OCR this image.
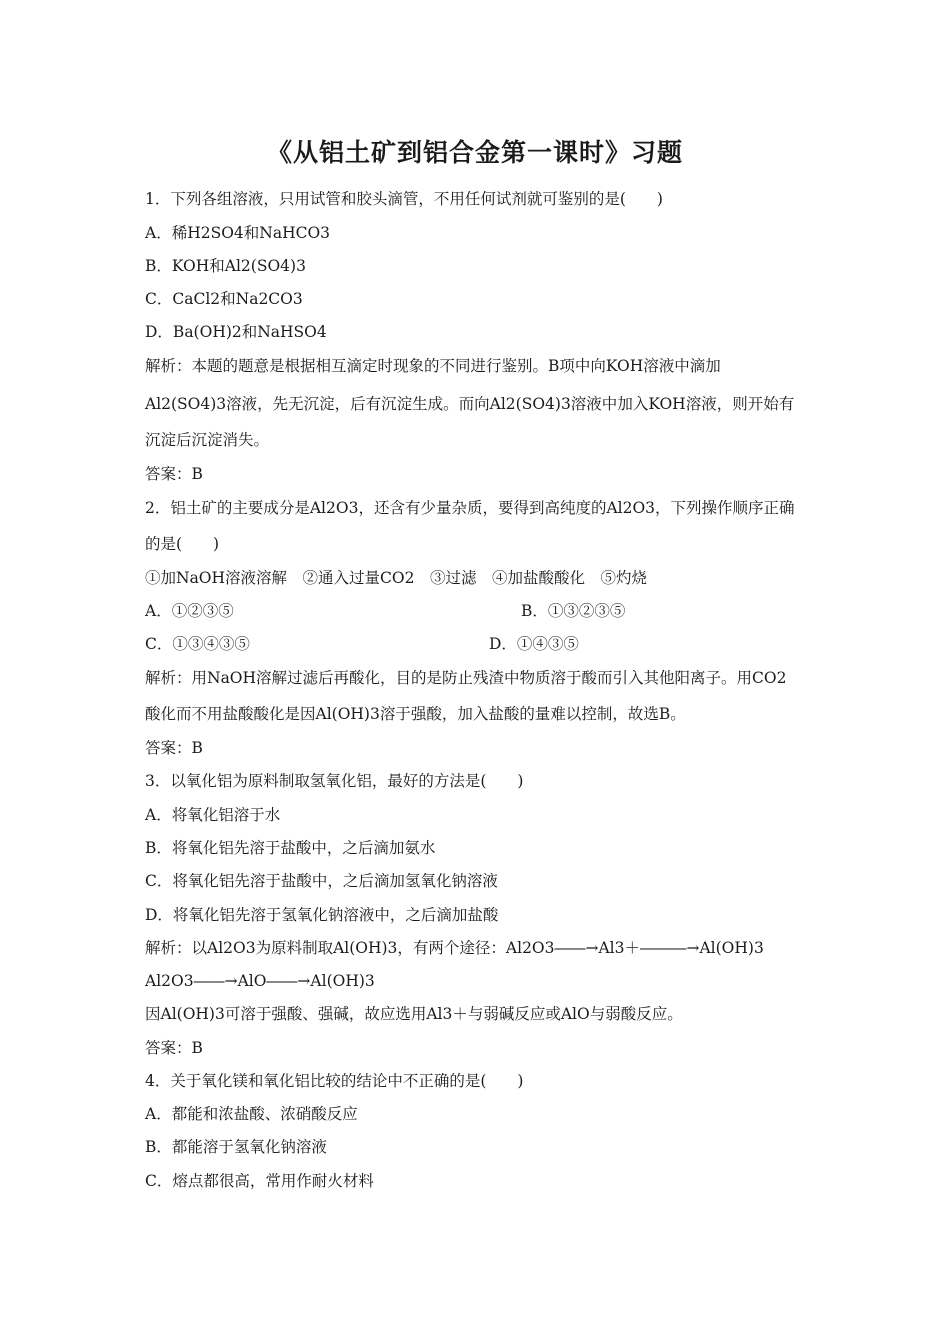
《从铝土矿到铝合金第一课时》习题
1．下列各组溶液，只用试管和胶头滴管，不用任何试剂就可鉴别的是(　　)
A．稀H2SO4和NaHCO3
B．KOH和Al2(SO4)3
C．CaCl2和Na2CO3
D．Ba(OH)2和NaHSO4
解析：本题的题意是根据相互滴定时现象的不同进行鉴别。B项中向KOH溶液中滴加
Al2(SO4)3溶液，先无沉淀，后有沉淀生成。而向Al2(SO4)3溶液中加入KOH溶液，则开始有
沉淀后沉淀消失。
答案：B
2．铝土矿的主要成分是Al2O3，还含有少量杂质，要得到高纯度的Al2O3，下列操作顺序正确
的是(　　)
①加NaOH溶液溶解　②通入过量CO2　③过滤　④加盐酸酸化　⑤灼烧
A．①②③⑤	B．①③②③⑤
C．①③④③⑤	D．①④③⑤
解析：用NaOH溶解过滤后再酸化，目的是防止残渣中物质溶于酸而引入其他阳离子。用CO2
酸化而不用盐酸酸化是因Al(OH)3溶于强酸，加入盐酸的量难以控制，故选B。
答案：B
3．以氧化铝为原料制取氢氧化铝，最好的方法是(　　)
A．将氧化铝溶于水
B．将氧化铝先溶于盐酸中，之后滴加氨水
C．将氧化铝先溶于盐酸中，之后滴加氢氧化钠溶液
D．将氧化铝先溶于氢氧化钠溶液中，之后滴加盐酸
解析：以Al2O3为原料制取Al(OH)3，有两个途径：Al2O3――→Al3＋―――→Al(OH)3
Al2O3――→AlO――→Al(OH)3
因Al(OH)3可溶于强酸、强碱，故应选用Al3＋与弱碱反应或AlO与弱酸反应。
答案：B
4．关于氧化镁和氧化铝比较的结论中不正确的是(　　)
A．都能和浓盐酸、浓硝酸反应
B．都能溶于氢氧化钠溶液
C．熔点都很高，常用作耐火材料
